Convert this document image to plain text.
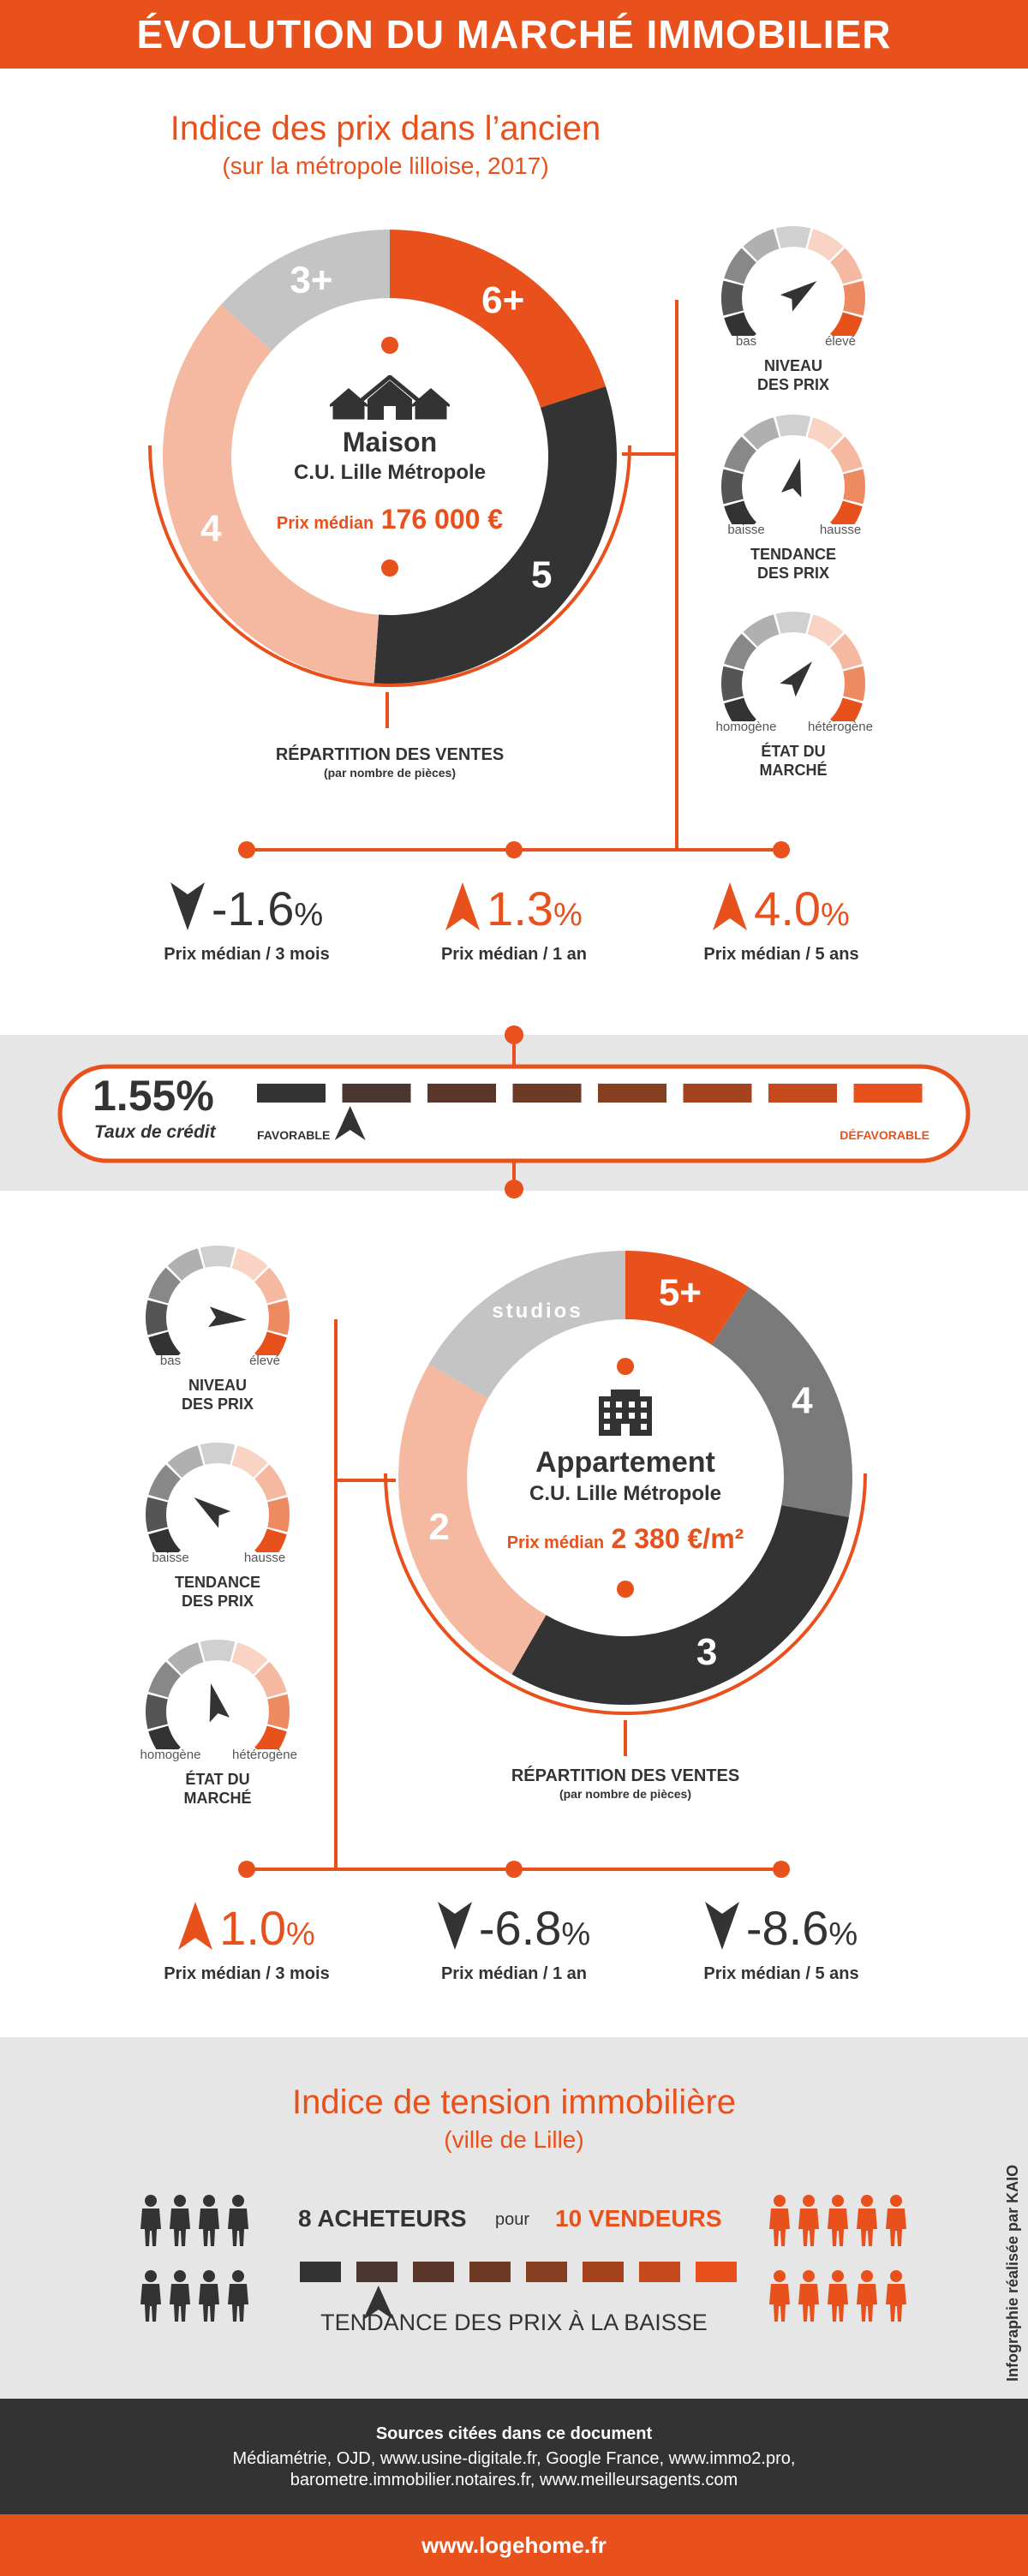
ÉVOLUTION DU MARCHÉ IMMOBILIER
Indice des prix dans l’ancien
(sur la métropole lilloise, 2017)
6+
5
4
3+
Maison
C.U. Lille Métropole
Prix médian 176 000 €
RÉPARTITION DES VENTES
(par nombre de pièces)
bas	élevé
NIVEAU
DES PRIX
baisse	hausse
TENDANCE
DES PRIX
homogène	hétérogène
ÉTAT DU
MARCHÉ
-1.6%
Prix médian / 3 mois
1.3%
Prix médian / 1 an
4.0%
Prix médian / 5 ans
1.55%
Taux de crédit	FAVORABLE	DÉFAVORABLE
5+
4
3
2
studios
Appartement
C.U. Lille Métropole
Prix médian 2 380 €/m²
RÉPARTITION DES VENTES
(par nombre de pièces)
bas	élevé
NIVEAU
DES PRIX
baisse	hausse
TENDANCE
DES PRIX
homogène	hétérogène
ÉTAT DU
MARCHÉ
1.0%
Prix médian / 3 mois
-6.8%
Prix médian / 1 an
-8.6%
Prix médian / 5 ans
Indice de tension immobilière
(ville de Lille)
8 ACHETEURS pour 10 VENDEURS
TENDANCE DES PRIX À LA BAISSE	Infographie réalisée par KAIO
Sources citées dans ce document
Médiamétrie, OJD, www.usine-digitale.fr, Google France, www.immo2.pro,
barometre.immobilier.notaires.fr, www.meilleursagents.com
www.logehome.fr
